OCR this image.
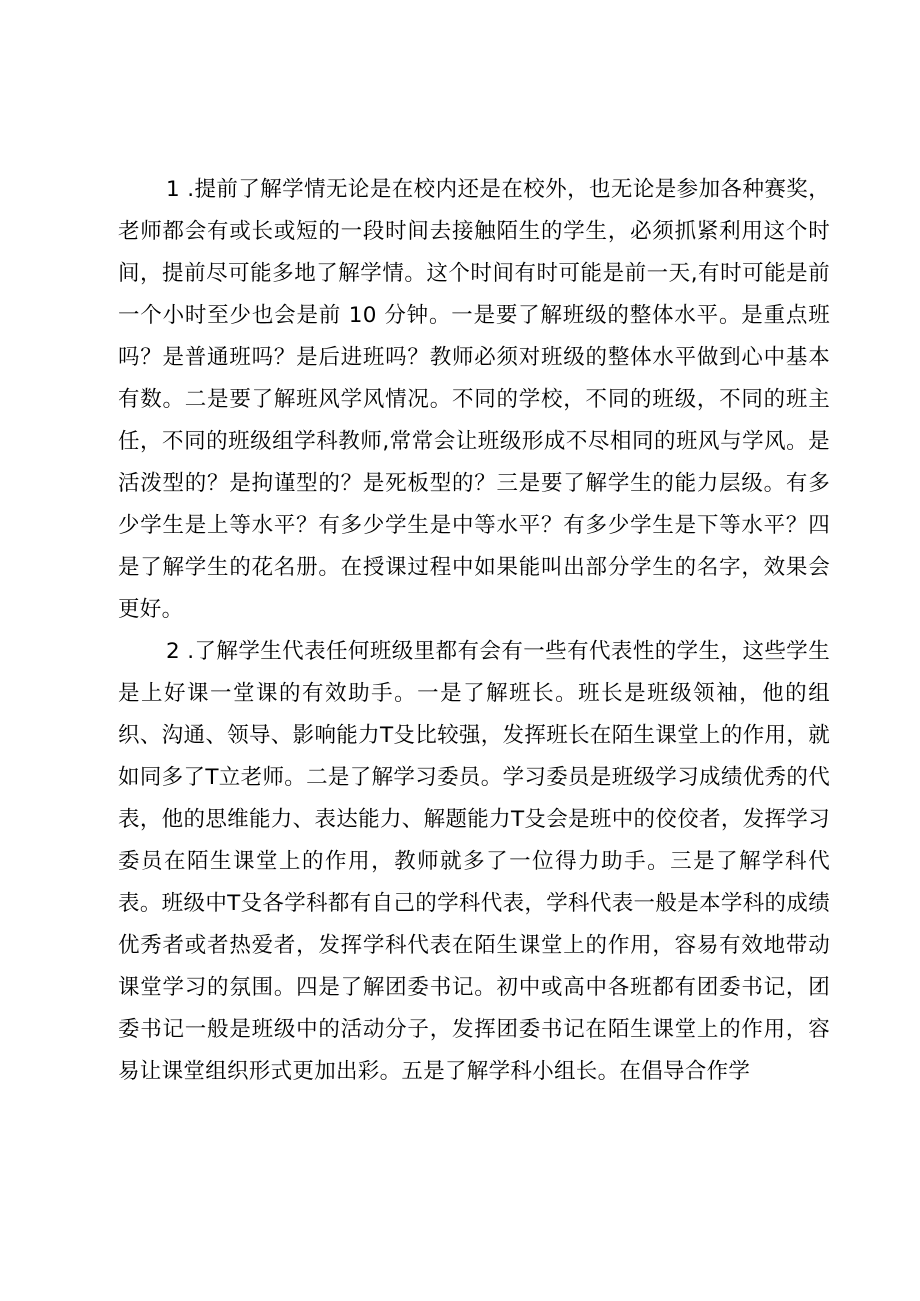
1 .提前了解学情无论是在校内还是在校外，也无论是参加各种赛奖，老师都会有或长或短的一段时间去接触陌生的学生，必须抓紧利用这个时间，提前尽可能多地了解学情。这个时间有时可能是前一天,有时可能是前一个小时至少也会是前 10 分钟。一是要了解班级的整体水平。是重点班吗？是普通班吗？是后进班吗？教师必须对班级的整体水平做到心中基本有数。二是要了解班风学风情况。不同的学校，不同的班级，不同的班主任，不同的班级组学科教师,常常会让班级形成不尽相同的班风与学风。是活泼型的？是拘谨型的？是死板型的？三是要了解学生的能力层级。有多少学生是上等水平？有多少学生是中等水平？有多少学生是下等水平？四是了解学生的花名册。在授课过程中如果能叫出部分学生的名字，效果会更好。

2 .了解学生代表任何班级里都有会有一些有代表性的学生，这些学生是上好课一堂课的有效助手。一是了解班长。班长是班级领袖，他的组织、沟通、领导、影响能力T殳比较强，发挥班长在陌生课堂上的作用，就如同多了T立老师。二是了解学习委员。学习委员是班级学习成绩优秀的代表，他的思维能力、表达能力、解题能力T殳会是班中的佼佼者，发挥学习委员在陌生课堂上的作用，教师就多了一位得力助手。三是了解学科代表。班级中T殳各学科都有自己的学科代表，学科代表一般是本学科的成绩优秀者或者热爱者，发挥学科代表在陌生课堂上的作用，容易有效地带动课堂学习的氛围。四是了解团委书记。初中或高中各班都有团委书记，团委书记一般是班级中的活动分子，发挥团委书记在陌生课堂上的作用，容易让课堂组织形式更加出彩。五是了解学科小组长。在倡导合作学
